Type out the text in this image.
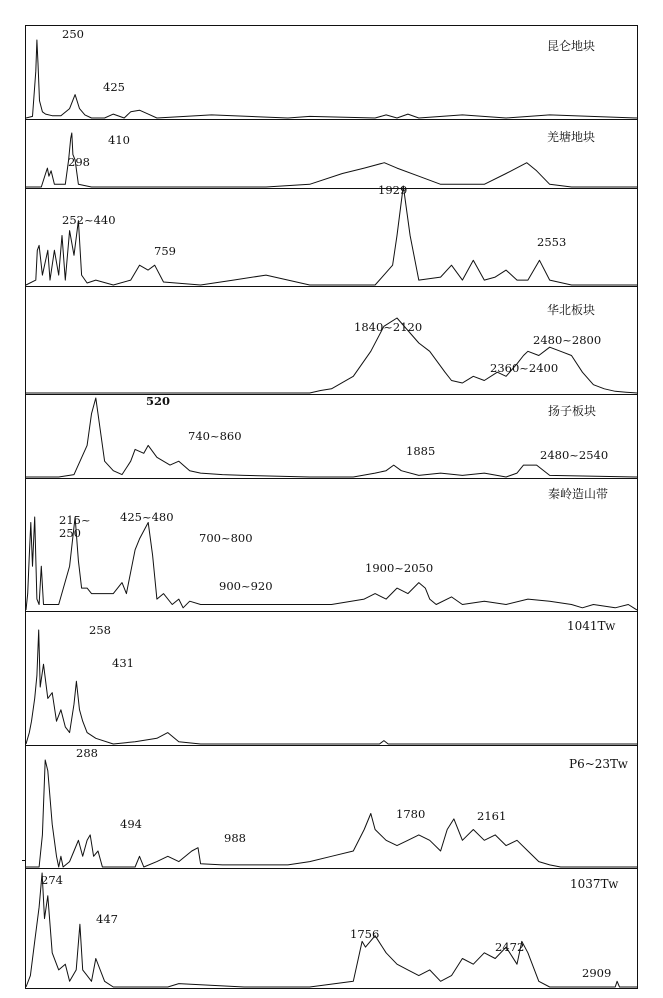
昆仑地块
250
425
羌塘地块
298
410
252~440
759
1929
2553
华北板块
1840~2120
2360~2400
2480~2800
扬子板块
520
740~860
1885	2480~2540
秦岭造山带
215~
250
425~480
700~800
900~920
1900~2050
1041Tw
258
431
P6~23Tw
288
494
988
1780	2161
1037Tw
274
447
1756
2472
2909
